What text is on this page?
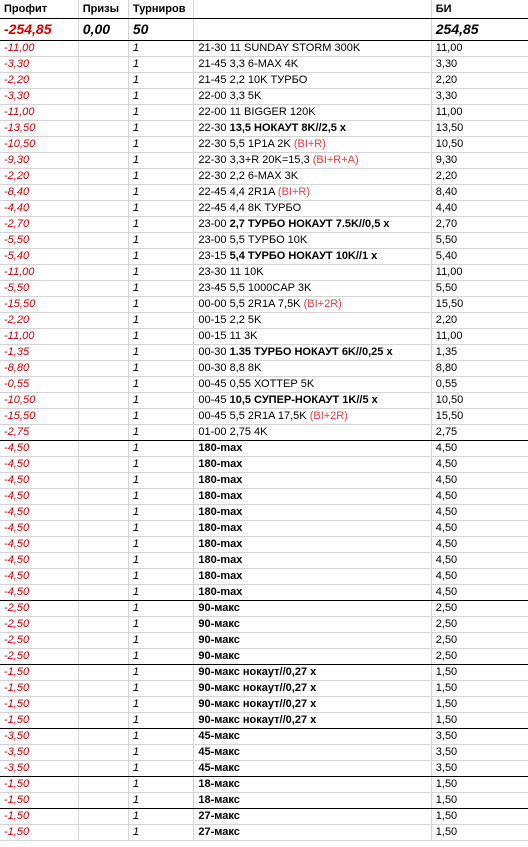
Профит	Призы	Турниров		БИ
-254,85	0,00	50		254,85
-11,00		1	21-30 11 SUNDAY STORM 300K	11,00
-3,30		1	21-45 3,3 6-MAX 4K	3,30
-2,20		1	21-45 2,2 10K ТУРБО	2,20
-3,30		1	22-00 3,3 5K	3,30
-11,00		1	22-00 11 BIGGER 120K	11,00
-13,50		1	22-30 13,5 НОКАУТ 8K//2,5 х	13,50
-10,50		1	22-30 5,5 1P1A 2K (BI+R)	10,50
-9,30		1	22-30 3,3+R 20K=15,3 (BI+R+A)	9,30
-2,20		1	22-30 2,2 6-MAX 3K	2,20
-8,40		1	22-45 4,4 2R1A (BI+R)	8,40
-4,40		1	22-45 4,4 8K ТУРБО	4,40
-2,70		1	23-00 2,7 ТУРБО НОКАУТ 7.5K//0,5 х	2,70
-5,50		1	23-00 5,5 ТУРБО 10K	5,50
-5,40		1	23-15 5,4 ТУРБО НОКАУТ 10K//1 х	5,40
-11,00		1	23-30 11 10K	11,00
-5,50		1	23-45 5,5 1000CAP 3K	5,50
-15,50		1	00-00 5,5 2R1A 7,5K (BI+2R)	15,50
-2,20		1	00-15 2,2 5K	2,20
-11,00		1	00-15 11 3K	11,00
-1,35		1	00-30 1.35 ТУРБО НОКАУТ 6K//0,25 х	1,35
-8,80		1	00-30 8,8 8K	8,80
-0,55		1	00-45 0,55 ХОТТЕР 5K	0,55
-10,50		1	00-45 10,5 СУПЕР-НОКАУТ 1K//5 х	10,50
-15,50		1	00-45 5,5 2R1A 17,5K (BI+2R)	15,50
-2,75		1	01-00 2,75 4K	2,75
-4,50		1	180-max	4,50
-4,50		1	180-max	4,50
-4,50		1	180-max	4,50
-4,50		1	180-max	4,50
-4,50		1	180-max	4,50
-4,50		1	180-max	4,50
-4,50		1	180-max	4,50
-4,50		1	180-max	4,50
-4,50		1	180-max	4,50
-4,50		1	180-max	4,50
-2,50		1	90-макс	2,50
-2,50		1	90-макс	2,50
-2,50		1	90-макс	2,50
-2,50		1	90-макс	2,50
-1,50		1	90-макс нокаут//0,27 х	1,50
-1,50		1	90-макс нокаут//0,27 х	1,50
-1,50		1	90-макс нокаут//0,27 х	1,50
-1,50		1	90-макс нокаут//0,27 х	1,50
-3,50		1	45-макс	3,50
-3,50		1	45-макс	3,50
-3,50		1	45-макс	3,50
-1,50		1	18-макс	1,50
-1,50		1	18-макс	1,50
-1,50		1	27-макс	1,50
-1,50		1	27-макс	1,50
